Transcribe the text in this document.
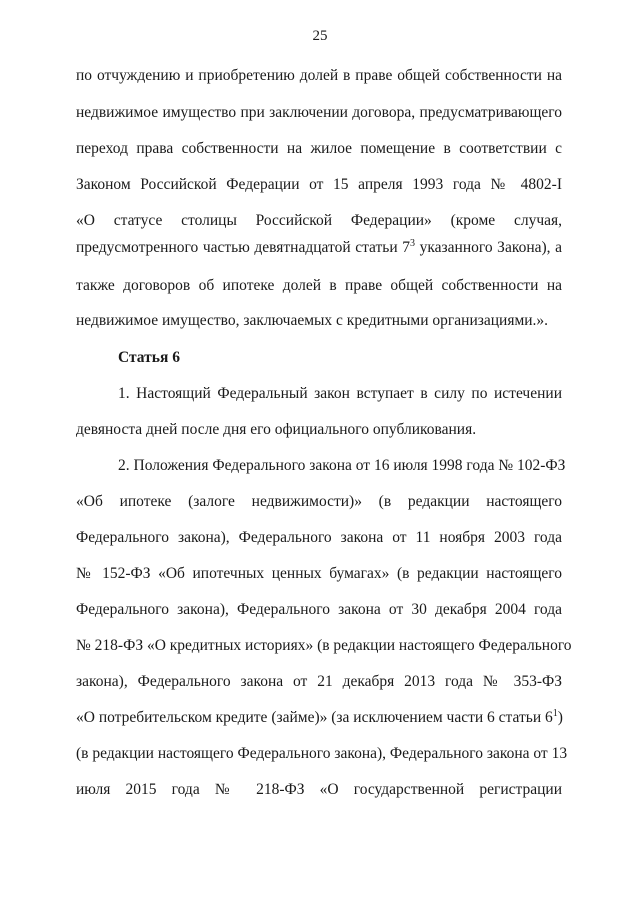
25
по отчуждению и приобретению долей в праве общей собственности на
недвижимое имущество при заключении договора, предусматривающего
переход права собственности на жилое помещение в соответствии с
Законом Российской Федерации от 15 апреля 1993 года № 4802-I
«О статусе столицы Российской Федерации» (кроме случая,
предусмотренного частью девятнадцатой статьи $7^3$ указанного Закона), а
также договоров об ипотеке долей в праве общей собственности на
недвижимое имущество, заключаемых с кредитными организациями.».
Статья 6
1. Настоящий Федеральный закон вступает в силу по истечении
девяноста дней после дня его официального опубликования.
2. Положения Федерального закона от 16 июля 1998 года № 102-ФЗ
«Об ипотеке (залоге недвижимости)» (в редакции настоящего
Федерального закона), Федерального закона от 11 ноября 2003 года
№ 152-ФЗ «Об ипотечных ценных бумагах» (в редакции настоящего
Федерального закона), Федерального закона от 30 декабря 2004 года
№ 218-ФЗ «О кредитных историях» (в редакции настоящего Федерального
закона), Федерального закона от 21 декабря 2013 года № 353-ФЗ
«О потребительском кредите (займе)» (за исключением части 6 статьи $6^1$)
(в редакции настоящего Федерального закона), Федерального закона от 13
июля 2015 года № 218-ФЗ «О государственной регистрации
